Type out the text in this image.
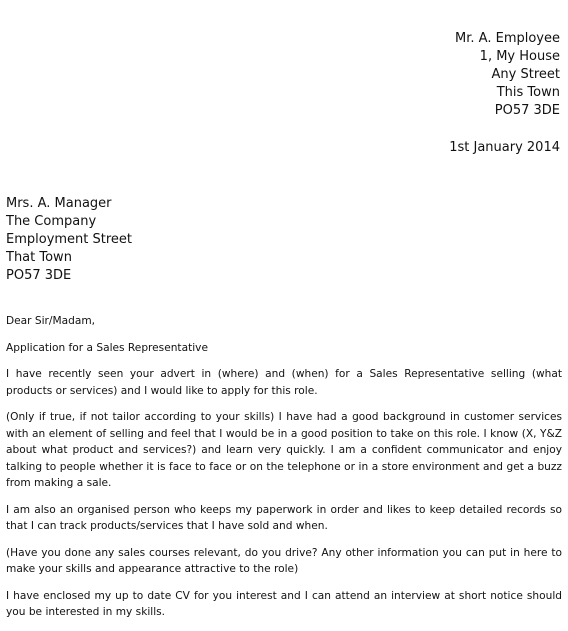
Mr. A. Employee
1, My House
Any Street
This Town
PO57 3DE
1st January 2014
Mrs. A. Manager
The Company
Employment Street
That Town
PO57 3DE

Dear Sir/Madam,

Application for a Sales Representative

I have recently seen your advert in (where) and (when) for a Sales Representative selling (what products or services) and I would like to apply for this role.

(Only if true, if not tailor according to your skills) I have had a good background in customer services with an element of selling and feel that I would be in a good position to take on this role. I know (X, Y&Z about what product and services?) and learn very quickly. I am a confident communicator and enjoy talking to people whether it is face to face or on the telephone or in a store environment and get a buzz from making a sale.

I am also an organised person who keeps my paperwork in order and likes to keep detailed records so that I can track products/services that I have sold and when.

(Have you done any sales courses relevant, do you drive? Any other information you can put in here to make your skills and appearance attractive to the role)

I have enclosed my up to date CV for you interest and I can attend an interview at short notice should you be interested in my skills.
